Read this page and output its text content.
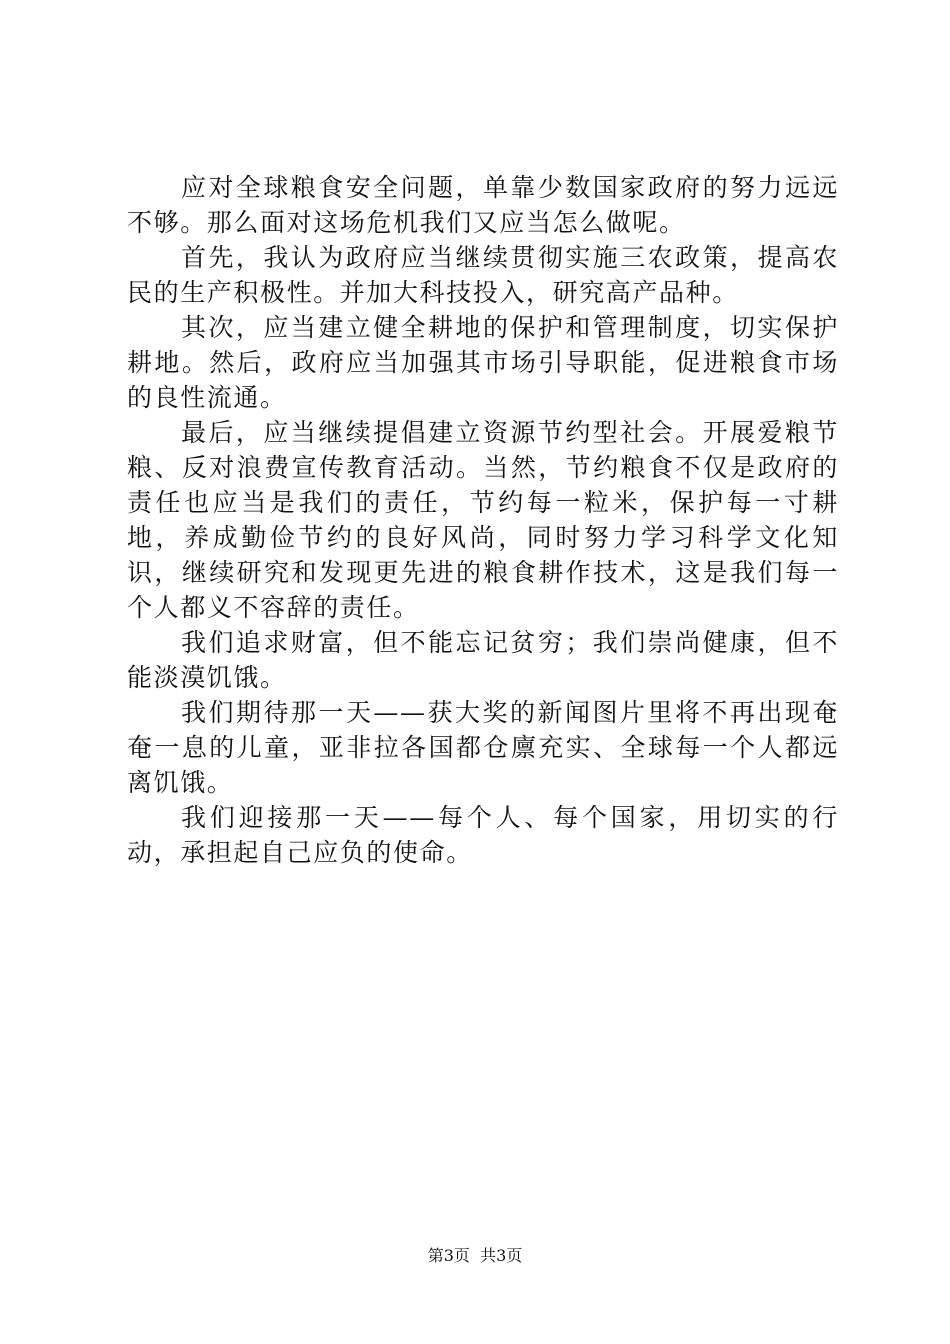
应对全球粮食安全问题，单靠少数国家政府的努力远远不够。那么面对这场危机我们又应当怎么做呢。

首先，我认为政府应当继续贯彻实施三农政策，提高农民的生产积极性。并加大科技投入，研究高产品种。

其次，应当建立健全耕地的保护和管理制度，切实保护耕地。然后，政府应当加强其市场引导职能，促进粮食市场的良性流通。

最后，应当继续提倡建立资源节约型社会。开展爱粮节粮、反对浪费宣传教育活动。当然，节约粮食不仅是政府的责任也应当是我们的责任，节约每一粒米，保护每一寸耕地，养成勤俭节约的良好风尚，同时努力学习科学文化知识，继续研究和发现更先进的粮食耕作技术，这是我们每一个人都义不容辞的责任。

我们追求财富，但不能忘记贫穷；我们崇尚健康，但不能淡漠饥饿。

我们期待那一天——获大奖的新闻图片里将不再出现奄奄一息的儿童，亚非拉各国都仓廪充实、全球每一个人都远离饥饿。

我们迎接那一天——每个人、每个国家，用切实的行动，承担起自己应负的使命。

第3页  共3页
